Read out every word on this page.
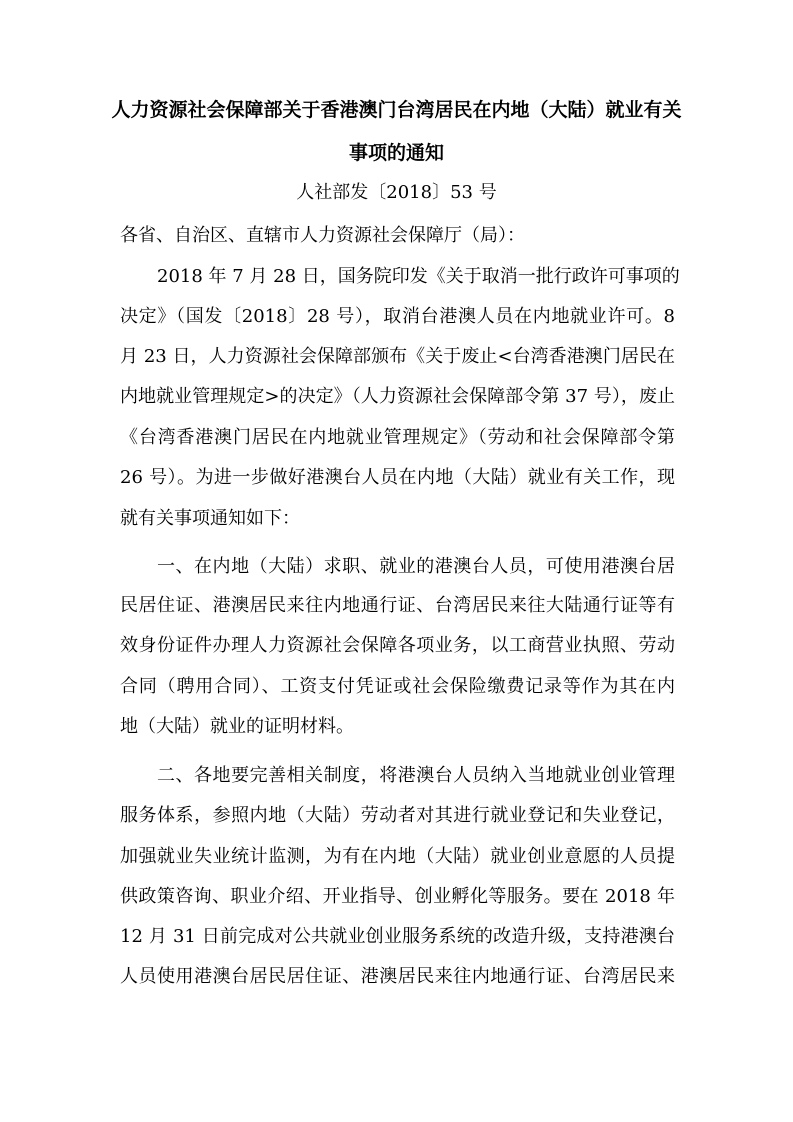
人力资源社会保障部关于香港澳门台湾居民在内地（大陆）就业有关
事项的通知
人社部发〔2018〕53 号
各省、自治区、直辖市人力资源社会保障厅（局）：
2018 年 7 月 28 日，国务院印发《关于取消一批行政许可事项的
决定》（国发〔2018〕28 号），取消台港澳人员在内地就业许可。8
月 23 日，人力资源社会保障部颁布《关于废止<台湾香港澳门居民在
内地就业管理规定>的决定》（人力资源社会保障部令第 37 号），废止
《台湾香港澳门居民在内地就业管理规定》（劳动和社会保障部令第
26 号）。为进一步做好港澳台人员在内地（大陆）就业有关工作，现
就有关事项通知如下：
一、在内地（大陆）求职、就业的港澳台人员，可使用港澳台居
民居住证、港澳居民来往内地通行证、台湾居民来往大陆通行证等有
效身份证件办理人力资源社会保障各项业务，以工商营业执照、劳动
合同（聘用合同）、工资支付凭证或社会保险缴费记录等作为其在内
地（大陆）就业的证明材料。
二、各地要完善相关制度，将港澳台人员纳入当地就业创业管理
服务体系，参照内地（大陆）劳动者对其进行就业登记和失业登记，
加强就业失业统计监测，为有在内地（大陆）就业创业意愿的人员提
供政策咨询、职业介绍、开业指导、创业孵化等服务。要在 2018 年
12 月 31 日前完成对公共就业创业服务系统的改造升级，支持港澳台
人员使用港澳台居民居住证、港澳居民来往内地通行证、台湾居民来
